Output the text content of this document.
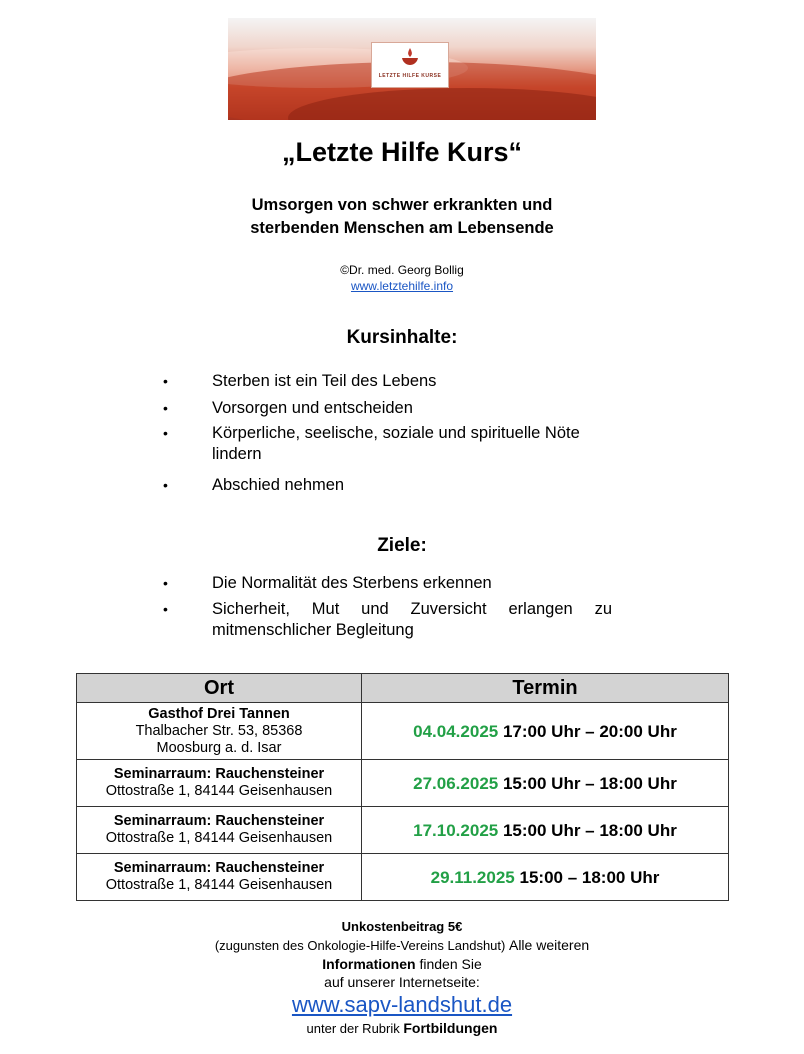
LETZTE HILFE KURSE
„Letzte Hilfe Kurs“
Umsorgen von schwer erkrankten und
sterbenden Menschen am Lebensende
©Dr. med. Georg Bollig
www.letztehilfe.info
Kursinhalte:
•	Sterben ist ein Teil des Lebens
•	Vorsorgen und entscheiden
•	Körperliche, seelische, soziale und spirituelle Nöte lindern
•	Abschied nehmen
Ziele:
•	Die Normalität des Sterbens erkennen
•	Sicherheit, Mut und Zuversicht erlangen zu mitmenschlicher Begleitung
Ort	Termin

Gasthof Drei Tannen
Thalbacher Str. 53, 85368
Moosburg a. d. Isar	04.04.2025 17:00 Uhr – 20:00 Uhr

Seminarraum: Rauchensteiner
Ottostraße 1, 84144 Geisenhausen	27.06.2025 15:00 Uhr – 18:00 Uhr

Seminarraum: Rauchensteiner
Ottostraße 1, 84144 Geisenhausen	17.10.2025 15:00 Uhr – 18:00 Uhr

Seminarraum: Rauchensteiner
Ottostraße 1, 84144 Geisenhausen	29.11.2025 15:00 – 18:00 Uhr
Unkostenbeitrag 5€
(zugunsten des Onkologie-Hilfe-Vereins Landshut) Alle weiteren
Informationen finden Sie
auf unserer Internetseite:
www.sapv-landshut.de
unter der Rubrik Fortbildungen
